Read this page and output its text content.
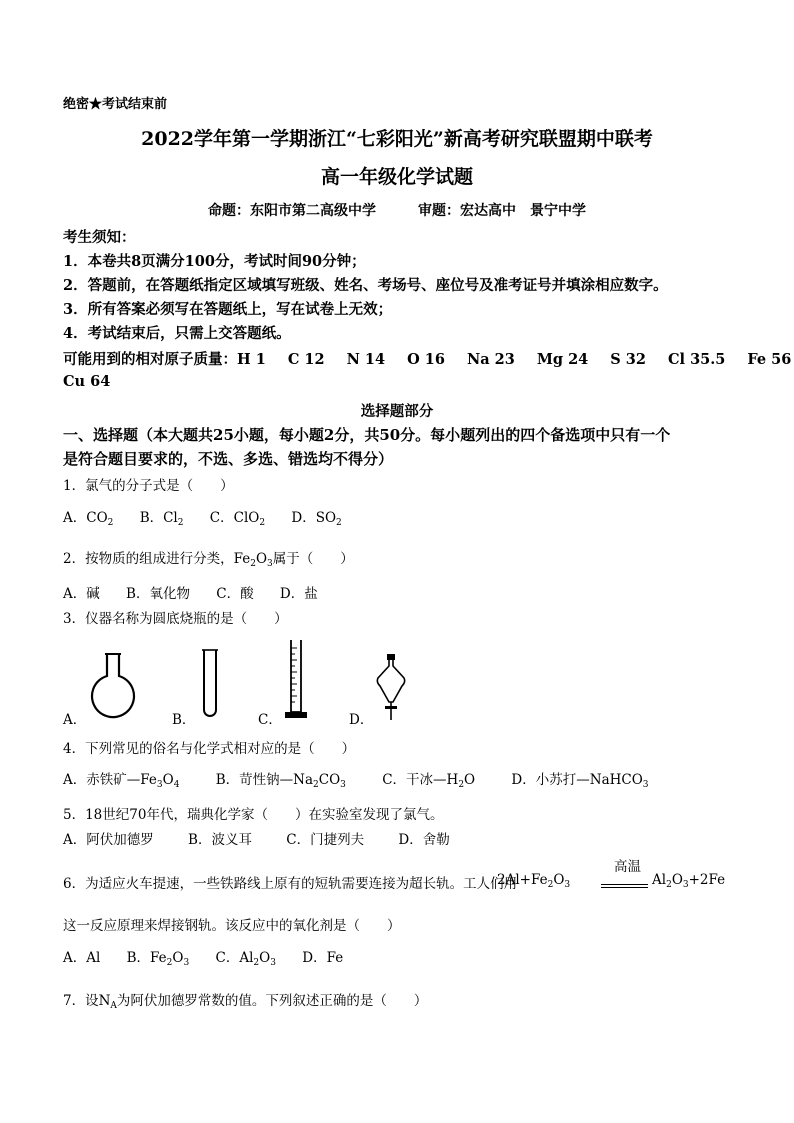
绝密★考试结束前
2022学年第一学期浙江“七彩阳光”新高考研究联盟期中联考
高一年级化学试题
命题：东阳市第二高级中学　　　审题：宏达高中　景宁中学
考生须知：
1．本卷共8页满分100分，考试时间90分钟；
2．答题前，在答题纸指定区域填写班级、姓名、考场号、座位号及准考证号并填涂相应数字。
3．所有答案必须写在答题纸上，写在试卷上无效；
4．考试结束后，只需上交答题纸。
可能用到的相对原子质量：H 1 C 12 N 14 O 16 Na 23 Mg 24 S 32 Cl 35.5 Fe 56
Cu 64
选择题部分
一、选择题（本大题共25小题，每小题2分，共50分。每小题列出的四个备选项中只有一个
是符合题目要求的，不选、多选、错选均不得分）
1．氯气的分子式是（　　）
A．$CO_2$ B．$Cl_2$ C．ClO$_2$ D．$SO_2$
2．按物质的组成进行分类，$Fe_2O_3$属于（　　）
A．碱 B．氧化物 C．酸 D．盐
3．仪器名称为圆底烧瓶的是（　　）
A．	B．	C．	D．
4．下列常见的俗名与化学式相对应的是（　　）
A．赤铁矿$—Fe_3O_4$	B．苛性钠$—Na_2CO_3$	C．干冰$—H_2O$	D．小苏打—NaHCO$_3$
5．18世纪70年代，瑞典化学家（　　）在实验室发现了氯气。
A．阿伏加德罗	B．波义耳	C．门捷列夫	D．舍勒
6．为适应火车提速，一些铁路线上原有的短轨需要连接为超长轨。工人们用
$2Al+Fe_2O_3$
高温
$Al_2O_3+2Fe$
这一反应原理来焊接钢轨。该反应中的氧化剂是（　　）
A．Al B．$Fe_2O_3$ C．$Al_2O_3$ D．Fe
7．设$N_A$为阿伏加德罗常数的值。下列叙述正确的是（　　）
